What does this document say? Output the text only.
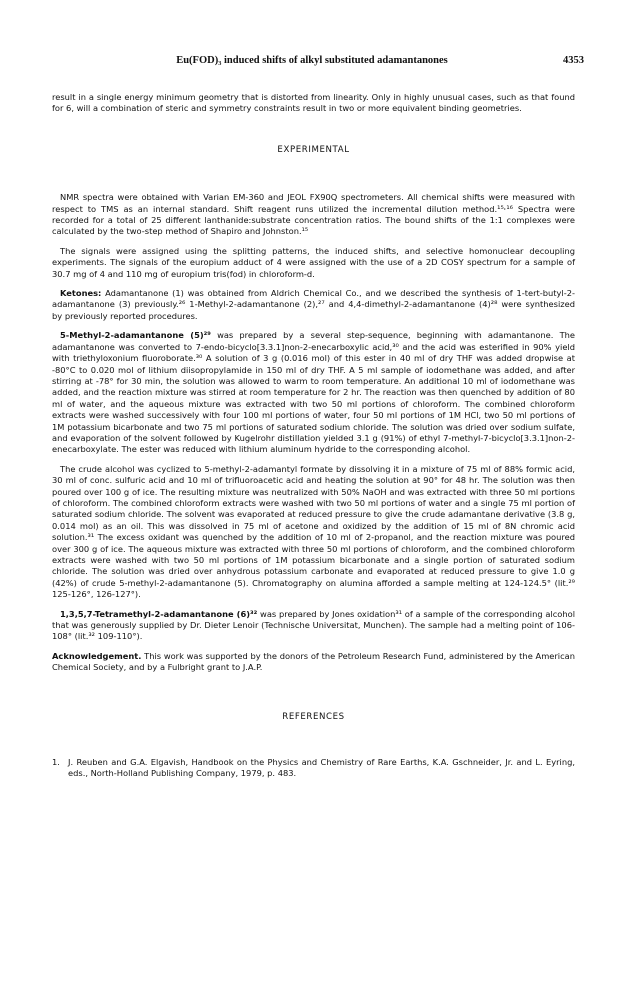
Eu(FOD)₃ induced shifts of alkyl substituted adamantanones	4353

result in a single energy minimum geometry that is distorted from linearity. Only in highly unusual cases, such as that found for 6, will a combination of steric and symmetry constraints result in two or more equivalent binding geometries.

EXPERIMENTAL

NMR spectra were obtained with Varian EM-360 and JEOL FX90Q spectrometers. All chemical shifts were measured with respect to TMS as an internal standard. Shift reagent runs utilized the incremental dilution method.¹⁵˒¹⁶ Spectra were recorded for a total of 25 different lanthanide:substrate concentration ratios. The bound shifts of the 1:1 complexes were calculated by the two-step method of Shapiro and Johnston.¹⁵

The signals were assigned using the splitting patterns, the induced shifts, and selective homonuclear decoupling experiments. The signals of the europium adduct of 4 were assigned with the use of a 2D COSY spectrum for a sample of 30.7 mg of 4 and 110 mg of europium tris(fod) in chloroform-d.

Ketones: Adamantanone (1) was obtained from Aldrich Chemical Co., and we described the synthesis of 1-tert-butyl-2-adamantanone (3) previously.²⁶ 1-Methyl-2-adamantanone (2),²⁷ and 4,4-dimethyl-2-adamantanone (4)²⁸ were synthesized by previously reported procedures.

5-Methyl-2-adamantanone (5)²⁹ was prepared by a several step-sequence, beginning with adamantanone. The adamantanone was converted to 7-endo-bicyclo[3.3.1]non-2-enecarboxylic acid,³⁰ and the acid was esterified in 90% yield with triethyloxonium fluoroborate.³⁰ A solution of 3 g (0.016 mol) of this ester in 40 ml of dry THF was added dropwise at -80°C to 0.020 mol of lithium diisopropylamide in 150 ml of dry THF. A 5 ml sample of iodomethane was added, and after stirring at -78° for 30 min, the solution was allowed to warm to room temperature. An additional 10 ml of iodomethane was added, and the reaction mixture was stirred at room temperature for 2 hr. The reaction was then quenched by addition of 80 ml of water, and the aqueous mixture was extracted with two 50 ml portions of chloroform. The combined chloroform extracts were washed successively with four 100 ml portions of water, four 50 ml portions of 1M HCl, two 50 ml portions of 1M potassium bicarbonate and two 75 ml portions of saturated sodium chloride. The solution was dried over sodium sulfate, and evaporation of the solvent followed by Kugelrohr distillation yielded 3.1 g (91%) of ethyl 7-methyl-7-bicyclo[3.3.1]non-2-enecarboxylate. The ester was reduced with lithium aluminum hydride to the corresponding alcohol.

The crude alcohol was cyclized to 5-methyl-2-adamantyl formate by dissolving it in a mixture of 75 ml of 88% formic acid, 30 ml of conc. sulfuric acid and 10 ml of trifluoroacetic acid and heating the solution at 90° for 48 hr. The solution was then poured over 100 g of ice. The resulting mixture was neutralized with 50% NaOH and was extracted with three 50 ml portions of chloroform. The combined chloroform extracts were washed with two 50 ml portions of water and a single 75 ml portion of saturated sodium chloride. The solvent was evaporated at reduced pressure to give the crude adamantane derivative (3.8 g, 0.014 mol) as an oil. This was dissolved in 75 ml of acetone and oxidized by the addition of 15 ml of 8N chromic acid solution.³¹ The excess oxidant was quenched by the addition of 10 ml of 2-propanol, and the reaction mixture was poured over 300 g of ice. The aqueous mixture was extracted with three 50 ml portions of chloroform, and the combined chloroform extracts were washed with two 50 ml portions of 1M potassium bicarbonate and a single portion of saturated sodium chloride. The solution was dried over anhydrous potassium carbonate and evaporated at reduced pressure to give 1.0 g (42%) of crude 5-methyl-2-adamantanone (5). Chromatography on alumina afforded a sample melting at 124-124.5° (lit.²⁹ 125-126°, 126-127°).

1,3,5,7-Tetramethyl-2-adamantanone (6)³² was prepared by Jones oxidation³¹ of a sample of the corresponding alcohol that was generously supplied by Dr. Dieter Lenoir (Technische Universitat, Munchen). The sample had a melting point of 106-108° (lit.³² 109-110°).

Acknowledgement. This work was supported by the donors of the Petroleum Research Fund, administered by the American Chemical Society, and by a Fulbright grant to J.A.P.

REFERENCES

1. J. Reuben and G.A. Elgavish, Handbook on the Physics and Chemistry of Rare Earths, K.A. Gschneider, Jr. and L. Eyring, eds., North-Holland Publishing Company, 1979, p. 483.
